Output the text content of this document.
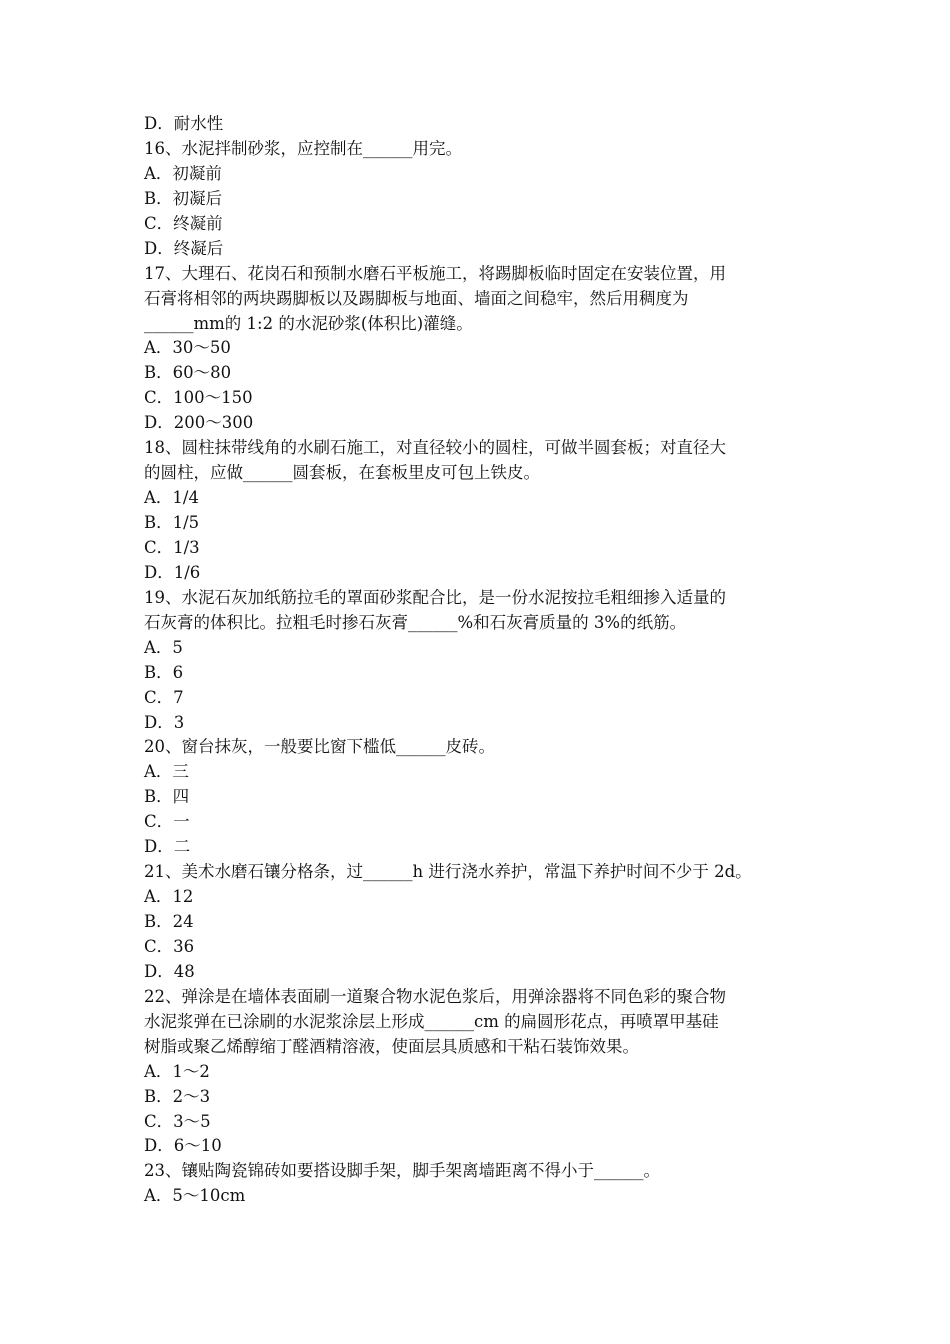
D．耐水性
16、水泥拌制砂浆，应控制在______用完。
A．初凝前
B．初凝后
C．终凝前
D．终凝后
17、大理石、花岗石和预制水磨石平板施工，将踢脚板临时固定在安装位置，用
石膏将相邻的两块踢脚板以及踢脚板与地面、墙面之间稳牢，然后用稠度为
______mm的 1:2 的水泥砂浆(体积比)灌缝。
A．30～50
B．60～80
C．100～150
D．200～300
18、圆柱抹带线角的水刷石施工，对直径较小的圆柱，可做半圆套板；对直径大
的圆柱，应做______圆套板，在套板里皮可包上铁皮。
A．1/4
B．1/5
C．1/3
D．1/6
19、水泥石灰加纸筋拉毛的罩面砂浆配合比，是一份水泥按拉毛粗细掺入适量的
石灰膏的体积比。拉粗毛时掺石灰膏______%和石灰膏质量的 3%的纸筋。
A．5
B．6
C．7
D．3
20、窗台抹灰，一般要比窗下槛低______皮砖。
A．三
B．四
C．一
D．二
21、美术水磨石镶分格条，过______h 进行浇水养护，常温下养护时间不少于 2d。
A．12
B．24
C．36
D．48
22、弹涂是在墙体表面刷一道聚合物水泥色浆后，用弹涂器将不同色彩的聚合物
水泥浆弹在已涂刷的水泥浆涂层上形成______cm 的扁圆形花点，再喷罩甲基硅
树脂或聚乙烯醇缩丁醛酒精溶液，使面层具质感和干粘石装饰效果。
A．1～2
B．2～3
C．3～5
D．6～10
23、镶贴陶瓷锦砖如要搭设脚手架，脚手架离墙距离不得小于______。
A．5～10cm
